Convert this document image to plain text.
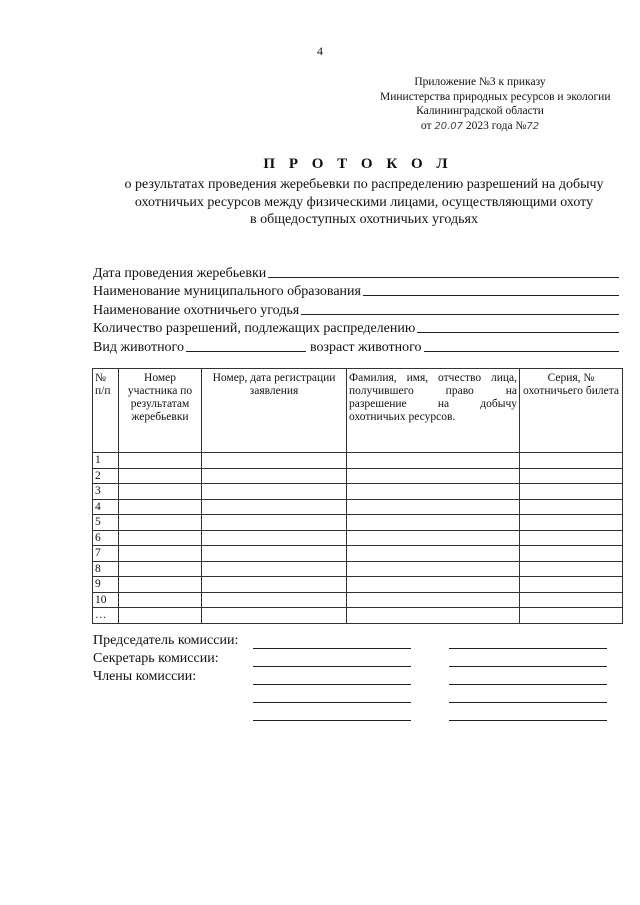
4
Приложение №3 к приказу
Министерства природных ресурсов и экологии
Калининградской области
от 20.07 2023 года №72
П Р О Т О К О Л
о результатах проведения жеребьевки по распределению разрешений на добычу
охотничьих ресурсов между физическими лицами, осуществляющими охоту
в общедоступных охотничьих угодьях
Дата проведения жеребьевки
Наименование муниципального образования
Наименование охотничьего угодья
Количество разрешений, подлежащих распределению
Вид животного	возраст животного
№ п/п	Номер участника по результатам жеребьевки	Номер, дата регистрации заявления	Фамилия, имя, отчество лица, получившего право на разрешение на добычу охотничьих ресурсов.	Серия, № охотничьего билета
1				
2				
3				
4				
5				
6				
7				
8				
9				
10				
…				
Председатель комиссии:
Секретарь комиссии:
Члены комиссии:
